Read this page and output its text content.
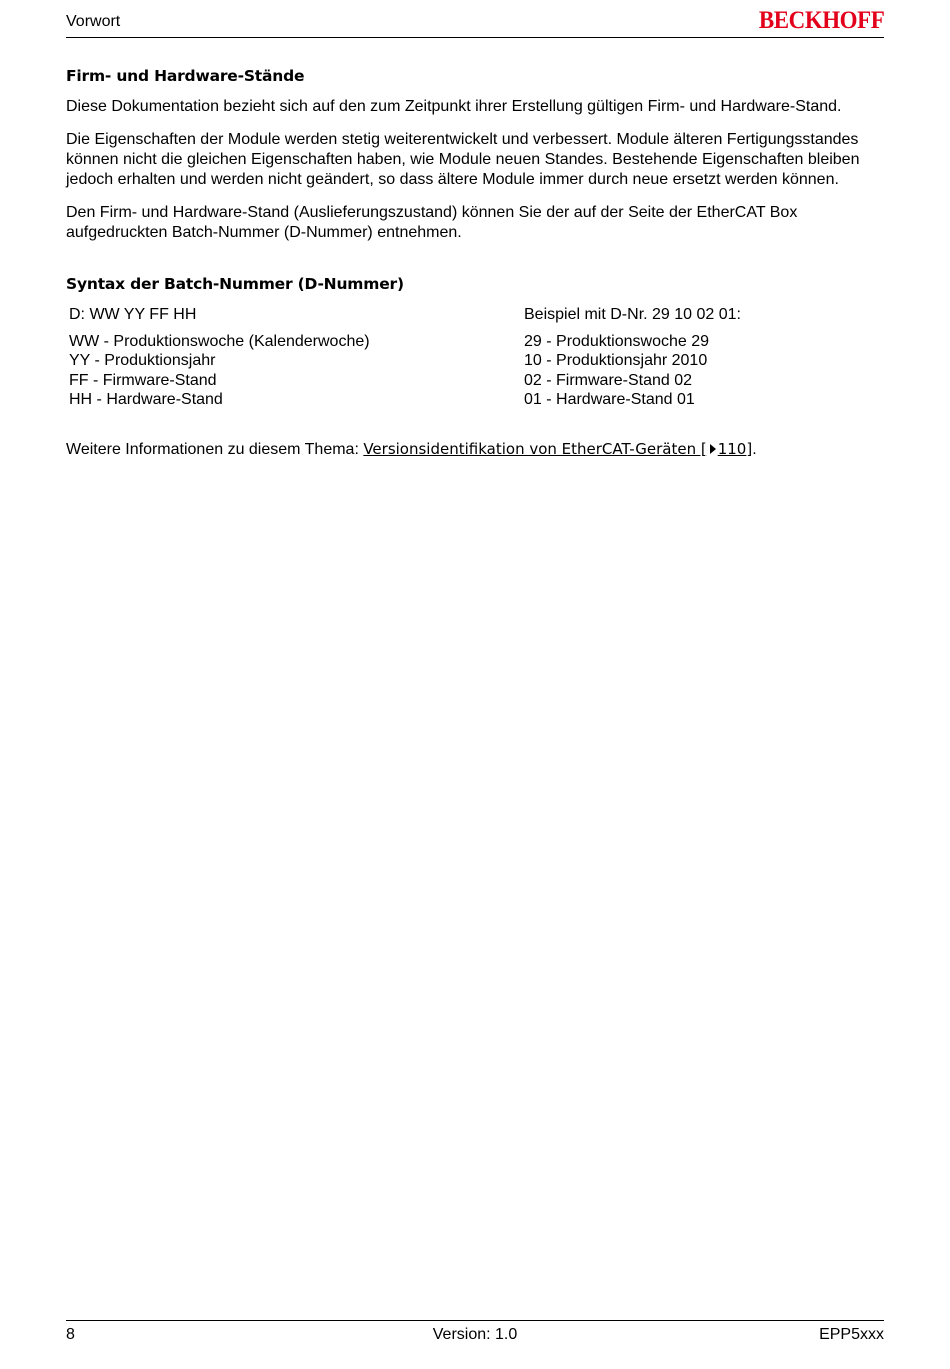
Vorwort	BECKHOFF
Firm- und Hardware-Stände

Diese Dokumentation bezieht sich auf den zum Zeitpunkt ihrer Erstellung gültigen Firm- und Hardware-Stand.

Die Eigenschaften der Module werden stetig weiterentwickelt und verbessert. Module älteren Fertigungsstandes können nicht die gleichen Eigenschaften haben, wie Module neuen Standes. Bestehende Eigenschaften bleiben jedoch erhalten und werden nicht geändert, so dass ältere Module immer durch neue ersetzt werden können.

Den Firm- und Hardware-Stand (Auslieferungszustand) können Sie der auf der Seite der EtherCAT Box aufgedruckten Batch-Nummer (D-Nummer) entnehmen.

Syntax der Batch-Nummer (D-Nummer)
D: WW YY FF HH	Beispiel mit D-Nr. 29 10 02 01:
WW - Produktionswoche (Kalenderwoche)	29 - Produktionswoche 29
YY - Produktionsjahr	10 - Produktionsjahr 2010
FF - Firmware-Stand	02 - Firmware-Stand 02
HH - Hardware-Stand	01 - Hardware-Stand 01
Weitere Informationen zu diesem Thema: Versionsidentifikation von EtherCAT-Geräten [ 110].
8	Version: 1.0	EPP5xxx
